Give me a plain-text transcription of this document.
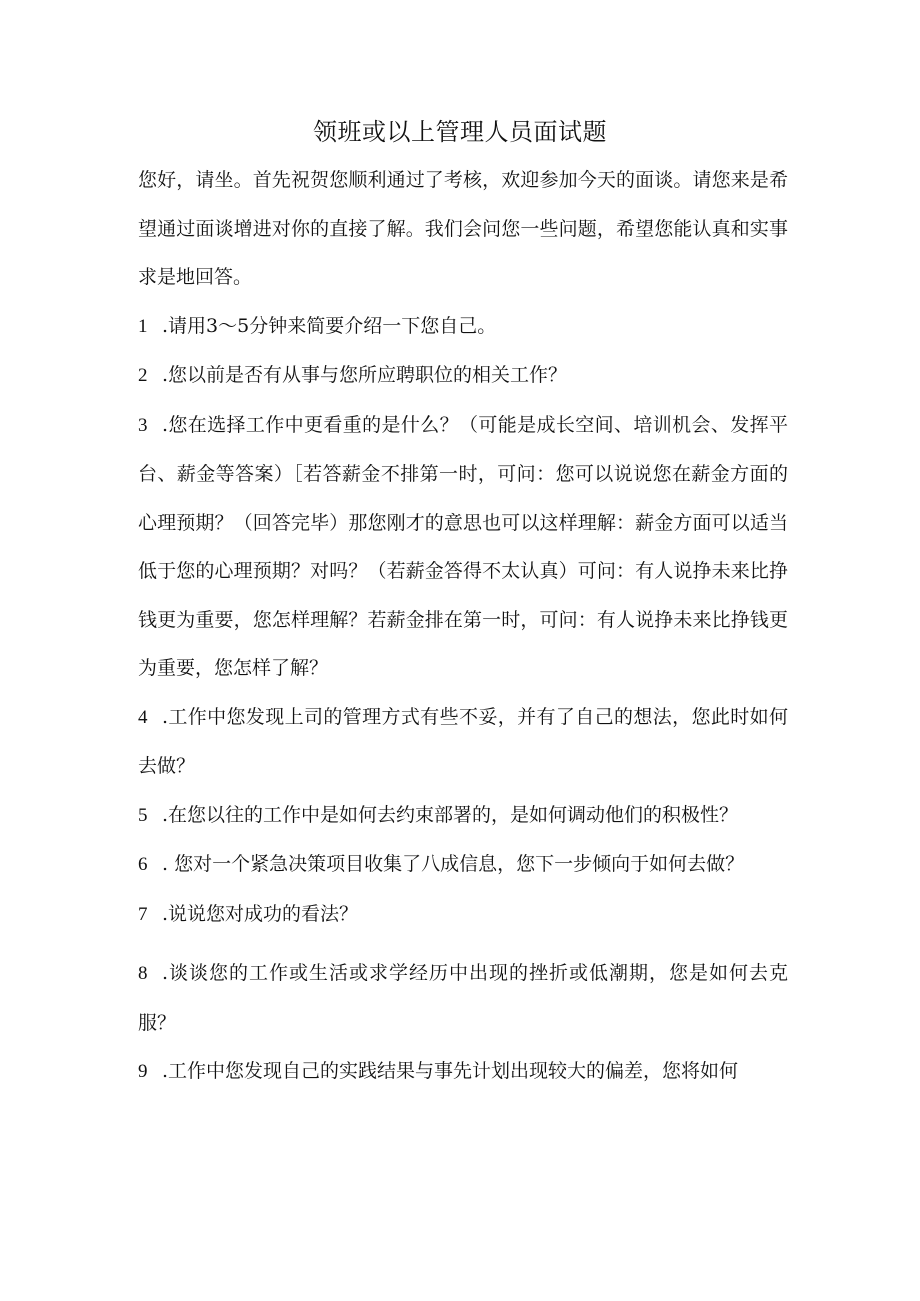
领班或以上管理人员面试题

您好，请坐。首先祝贺您顺利通过了考核，欢迎参加今天的面谈。请您来是希望通过面谈增进对你的直接了解。我们会问您一些问题，希望您能认真和实事求是地回答。

1 .请用3～5分钟来简要介绍一下您自己。

2 .您以前是否有从事与您所应聘职位的相关工作？

3 .您在选择工作中更看重的是什么？（可能是成长空间、培训机会、发挥平台、薪金等答案）［若答薪金不排第一时，可问：您可以说说您在薪金方面的心理预期？（回答完毕）那您刚才的意思也可以这样理解：薪金方面可以适当低于您的心理预期？对吗？（若薪金答得不太认真）可问：有人说挣未来比挣钱更为重要，您怎样理解？若薪金排在第一时，可问：有人说挣未来比挣钱更为重要，您怎样了解？

4 .工作中您发现上司的管理方式有些不妥，并有了自己的想法，您此时如何去做？

5 .在您以往的工作中是如何去约束部署的，是如何调动他们的积极性？

6 . 您对一个紧急决策项目收集了八成信息，您下一步倾向于如何去做？

7 .说说您对成功的看法？

8 .谈谈您的工作或生活或求学经历中出现的挫折或低潮期，您是如何去克服？

9 .工作中您发现自己的实践结果与事先计划出现较大的偏差，您将如何
